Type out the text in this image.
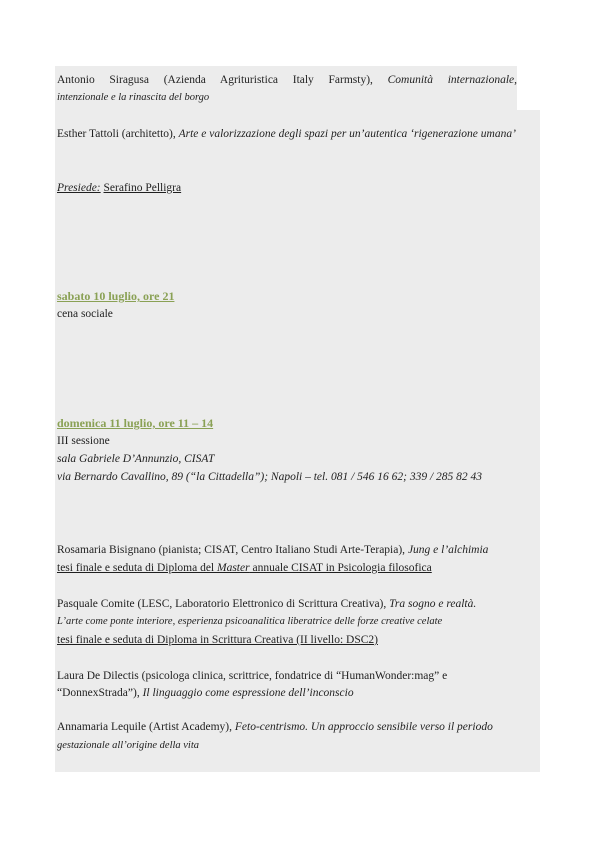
Antonio Siragusa (Azienda Agrituristica Italy Farmsty), Comunità internazionale,
intenzionale e la rinascita del borgo
Esther Tattoli (architetto), Arte e valorizzazione degli spazi per un’autentica ‘rigenerazione umana’
Presiede: Serafino Pelligra
sabato 10 luglio, ore 21
cena sociale
domenica 11 luglio, ore 11 – 14
III sessione
sala Gabriele D’Annunzio, CISAT
via Bernardo Cavallino, 89 (“la Cittadella”); Napoli – tel. 081 / 546 16 62; 339 / 285 82 43
Rosamaria Bisignano (pianista; CISAT, Centro Italiano Studi Arte-Terapia), Jung e l’alchimia
tesi finale e seduta di Diploma del Master annuale CISAT in Psicologia filosofica
Pasquale Comite (LESC, Laboratorio Elettronico di Scrittura Creativa), Tra sogno e realtà.
L’arte come ponte interiore, esperienza psicoanalitica liberatrice delle forze creative celate
tesi finale e seduta di Diploma in Scrittura Creativa (II livello: DSC2)
Laura De Dilectis (psicologa clinica, scrittrice, fondatrice di “HumanWonder:mag” e
“DonnexStrada”), Il linguaggio come espressione dell’inconscio
Annamaria Lequile (Artist Academy), Feto-centrismo. Un approccio sensibile verso il periodo
gestazionale all’origine della vita
